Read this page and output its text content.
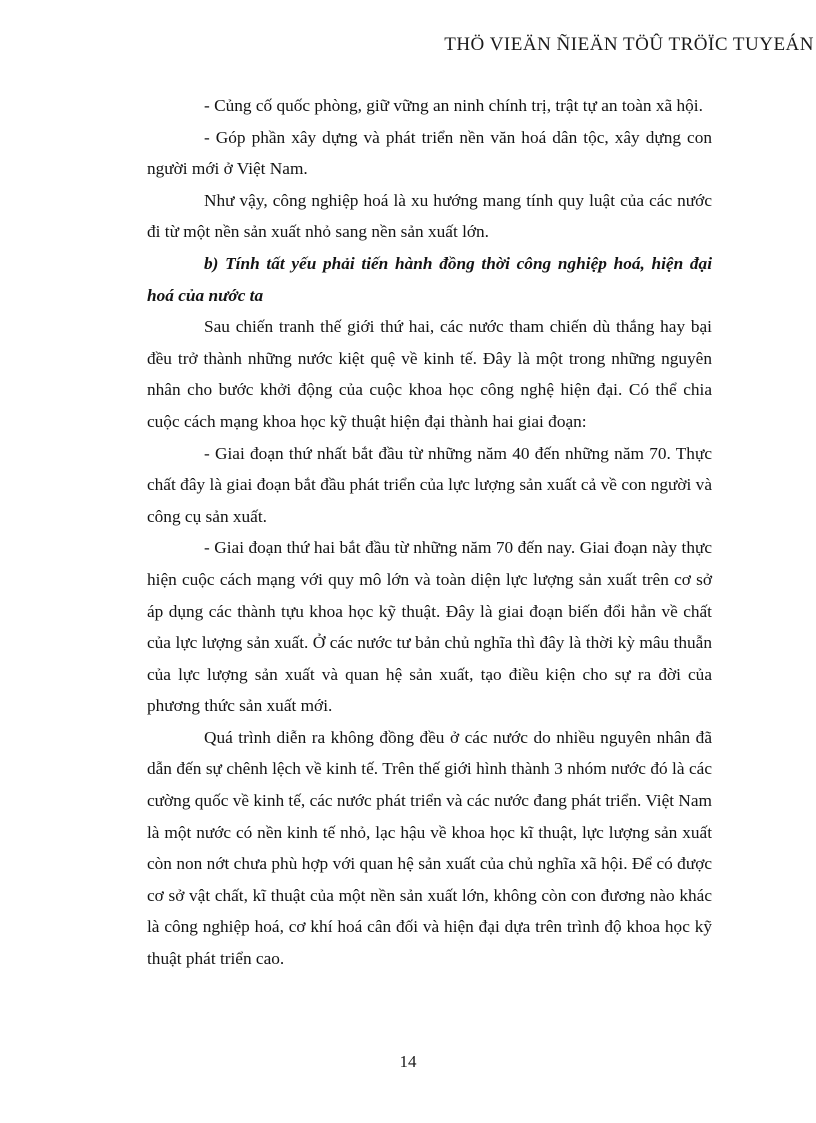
THÖ VIEÄN ÑIEÄN TÖÛ TRÖÏC TUYEÁN

- Củng cố quốc phòng, giữ vững an ninh chính trị, trật tự an toàn xã hội.

- Góp phần xây dựng và phát triển nền văn hoá dân tộc, xây dựng con người mới ở Việt Nam.

Như vậy, công nghiệp hoá là xu hướng mang tính quy luật của các nước đi từ một nền sản xuất nhỏ sang nền sản xuất lớn.

b) Tính tất yếu phải tiến hành đồng thời công nghiệp hoá, hiện đại hoá của nước ta

Sau chiến tranh thế giới thứ hai, các nước tham chiến dù thắng hay bại đều trở thành những nước kiệt quệ về kinh tế. Đây là một trong những nguyên nhân cho bước khởi động của cuộc khoa học công nghệ hiện đại. Có thể chia cuộc cách mạng khoa học kỹ thuật hiện đại thành hai giai đoạn:

- Giai đoạn thứ nhất bắt đầu từ những năm 40 đến những năm 70. Thực chất đây là giai đoạn bắt đầu phát triển của lực lượng sản xuất cả về con người và công cụ sản xuất.

- Giai đoạn thứ hai bắt đầu từ những năm 70 đến nay. Giai đoạn này thực hiện cuộc cách mạng với quy mô lớn và toàn diện lực lượng sản xuất trên cơ sở áp dụng các thành tựu khoa học kỹ thuật. Đây là giai đoạn biến đổi hẳn về chất của lực lượng sản xuất. Ở các nước tư bản chủ nghĩa thì đây là thời kỳ mâu thuẫn của lực lượng sản xuất và quan hệ sản xuất, tạo điều kiện cho sự ra đời của phương thức sản xuất mới.

Quá trình diễn ra không đồng đều ở các nước do nhiều nguyên nhân đã dẫn đến sự chênh lệch về kinh tế. Trên thế giới hình thành 3 nhóm nước đó là các cường quốc về kinh tế, các nước phát triển và các nước đang phát triển. Việt Nam là một nước có nền kinh tế nhỏ, lạc hậu về khoa học kĩ thuật, lực lượng sản xuất còn non nớt chưa phù hợp với quan hệ sản xuất của chủ nghĩa xã hội. Để có được cơ sở vật chất, kĩ thuật của một nền sản xuất lớn, không còn con đương nào khác là công nghiệp hoá, cơ khí hoá cân đối và hiện đại dựa trên trình độ khoa học kỹ thuật phát triển cao.

14
